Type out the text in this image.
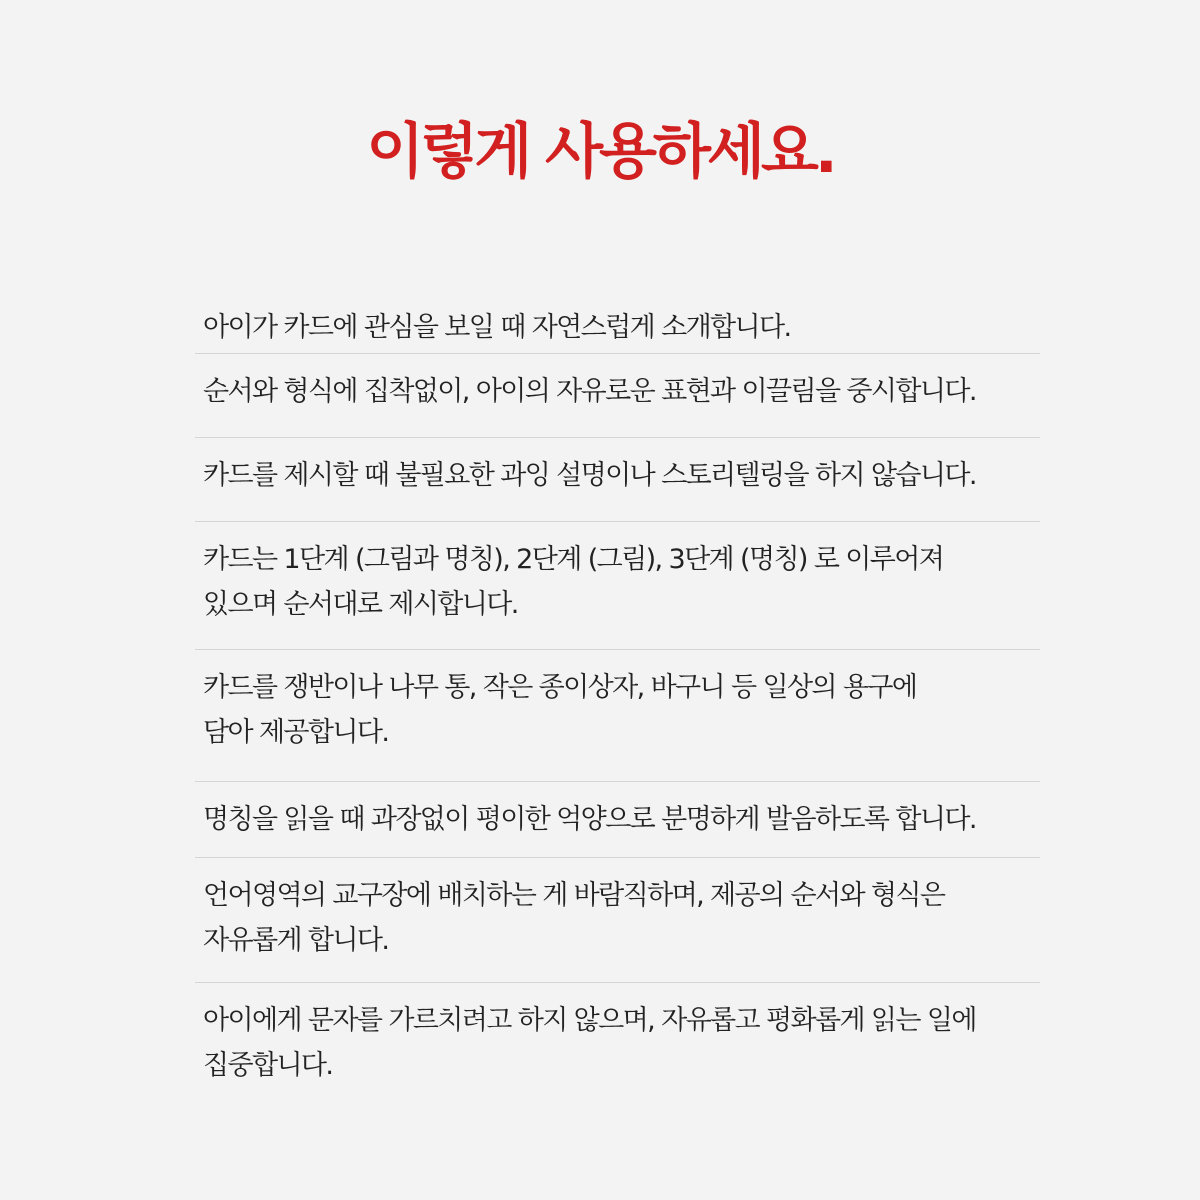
이렇게 사용하세요.
아이가 카드에 관심을 보일 때 자연스럽게 소개합니다.
순서와 형식에 집착없이, 아이의 자유로운 표현과 이끌림을 중시합니다.
카드를 제시할 때 불필요한 과잉 설명이나 스토리텔링을 하지 않습니다.
카드는 1단계 (그림과 명칭), 2단계 (그림), 3단계 (명칭) 로 이루어져
있으며 순서대로 제시합니다.
카드를 쟁반이나 나무 통, 작은 종이상자, 바구니 등 일상의 용구에
담아 제공합니다.
명칭을 읽을 때 과장없이 평이한 억양으로 분명하게 발음하도록 합니다.
언어영역의 교구장에 배치하는 게 바람직하며, 제공의 순서와 형식은
자유롭게 합니다.
아이에게 문자를 가르치려고 하지 않으며, 자유롭고 평화롭게 읽는 일에
집중합니다.
